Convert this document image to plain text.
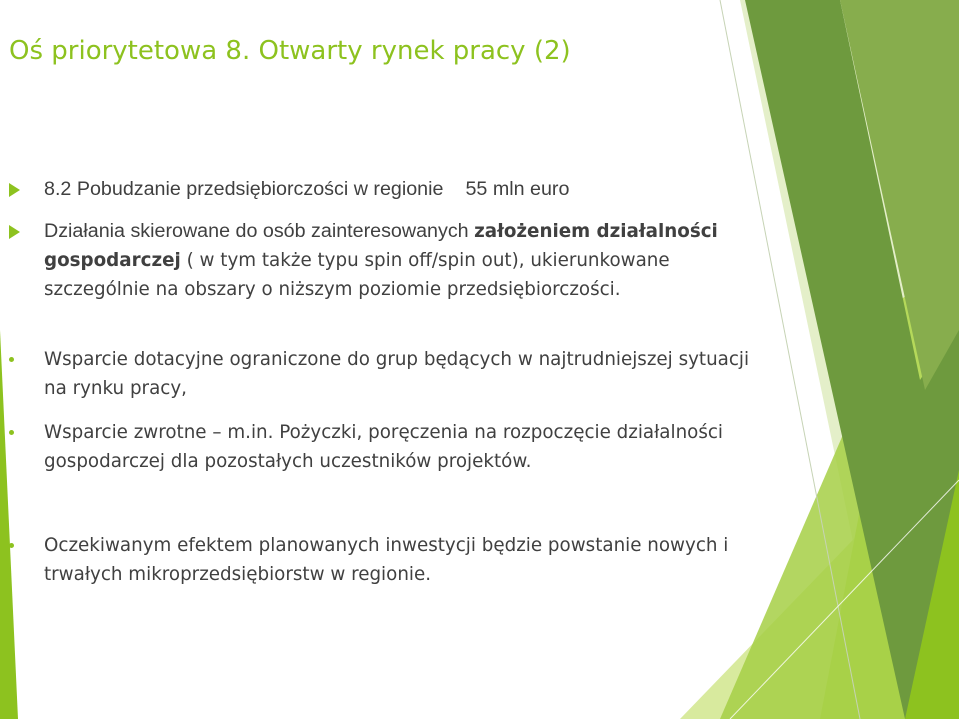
Oś priorytetowa 8. Otwarty rynek pracy (2)
8.2 Pobudzanie przedsiębiorczości w regionie 55 mln euro
Działania skierowane do osób zainteresowanych założeniem działalności gospodarczej ( w tym także typu spin off/spin out), ukierunkowane szczególnie na obszary o niższym poziomie przedsiębiorczości.
Wsparcie dotacyjne ograniczone do grup będących w najtrudniejszej sytuacji na rynku pracy,
Wsparcie zwrotne – m.in. Pożyczki, poręczenia na rozpoczęcie działalności gospodarczej dla pozostałych uczestników projektów.
Oczekiwanym efektem planowanych inwestycji będzie powstanie nowych i trwałych mikroprzedsiębiorstw w regionie.
